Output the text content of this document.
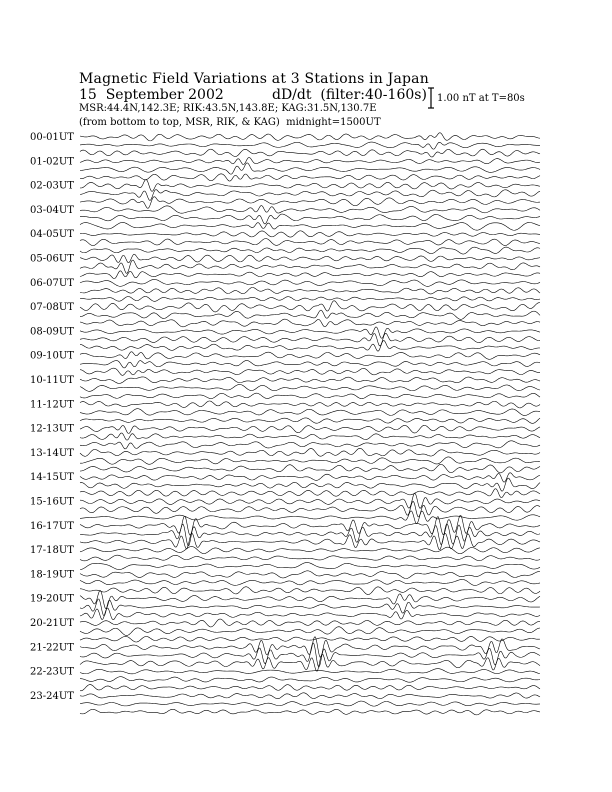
Magnetic Field Variations at 3 Stations in Japan
15  September 2002	dD/dt  (filter:40-160s)
MSR:44.4N,142.3E; RIK:43.5N,143.8E; KAG:31.5N,130.7E
(from bottom to top, MSR, RIK, & KAG)  midnight=1500UT
1.00 nT at T=80s
00-01UT
01-02UT
02-03UT
03-04UT
04-05UT
05-06UT
06-07UT
07-08UT
08-09UT
09-10UT
10-11UT
11-12UT
12-13UT
13-14UT
14-15UT
15-16UT
16-17UT
17-18UT
18-19UT
19-20UT
20-21UT
21-22UT
22-23UT
23-24UT
